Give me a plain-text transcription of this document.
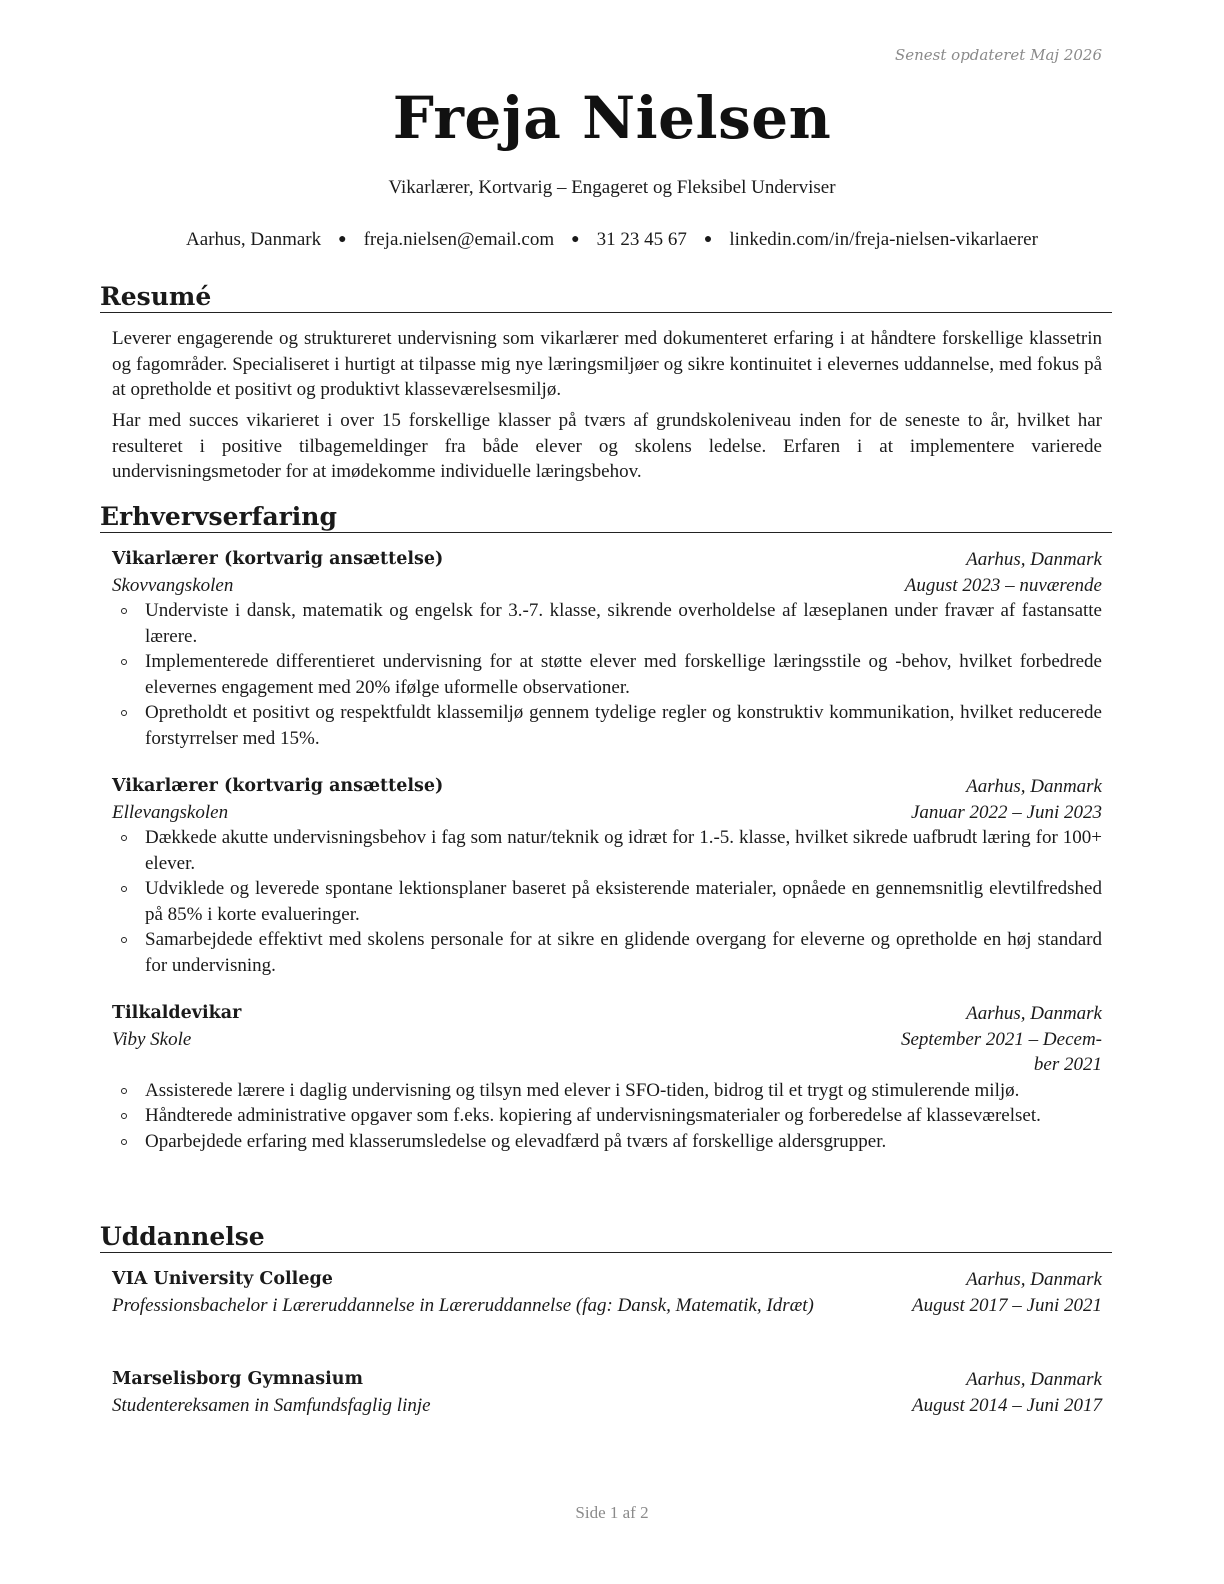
Senest opdateret Maj 2026
Freja Nielsen
Vikarlærer, Kortvarig – Engageret og Fleksibel Underviser
Aarhus, Danmark ● freja.nielsen@email.com ● 31 23 45 67 ● linkedin.com/in/freja-nielsen-vikarlaerer
Resumé

Leverer engagerende og struktureret undervisning som vikarlærer med dokumenteret erfaring i at håndtere forskellige klassetrin og fagområder. Specialiseret i hurtigt at tilpasse mig nye læringsmiljøer og sikre kontinuitet i elevernes uddannelse, med fokus på at opretholde et positivt og produktivt klasseværelsesmiljø.

Har med succes vikarieret i over 15 forskellige klasser på tværs af grundskoleniveau inden for de seneste to år, hvilket har resulteret i positive tilbagemeldinger fra både elever og skolens ledelse. Erfaren i at implementere varierede undervisningsmetoder for at imødekomme individuelle læringsbehov.

Erhvervserfaring
Vikarlærer (kortvarig ansættelse)	Aarhus, Danmark
Skovvangskolen	August 2023 – nuværende
Underviste i dansk, matematik og engelsk for 3.-7. klasse, sikrende overholdelse af læseplanen under fravær af fastansatte lærere.
Implementerede differentieret undervisning for at støtte elever med forskellige læringsstile og -behov, hvilket forbedrede elevernes engagement med 20% ifølge uformelle observationer.
Opretholdt et positivt og respektfuldt klassemiljø gennem tydelige regler og konstruktiv kommunikation, hvilket reducerede forstyrrelser med 15%.
Vikarlærer (kortvarig ansættelse)	Aarhus, Danmark
Ellevangskolen	Januar 2022 – Juni 2023
Dækkede akutte undervisningsbehov i fag som natur/teknik og idræt for 1.-5. klasse, hvilket sikrede uafbrudt læring for 100+ elever.
Udviklede og leverede spontane lektionsplaner baseret på eksisterende materialer, opnåede en gennemsnitlig elevtilfredshed på 85% i korte evalueringer.
Samarbejdede effektivt med skolens personale for at sikre en glidende overgang for eleverne og opretholde en høj standard for undervisning.
Tilkaldevikar	Aarhus, Danmark
Viby Skole	September 2021 – Decem-
ber 2021
Assisterede lærere i daglig undervisning og tilsyn med elever i SFO-tiden, bidrog til et trygt og stimulerende miljø.
Håndterede administrative opgaver som f.eks. kopiering af undervisningsmaterialer og forberedelse af klasseværelset.
Oparbejdede erfaring med klasserumsledelse og elevadfærd på tværs af forskellige aldersgrupper.
Uddannelse
VIA University College	Aarhus, Danmark
Professionsbachelor i Læreruddannelse in Læreruddannelse (fag: Dansk, Matematik, Idræt)	August 2017 – Juni 2021
Marselisborg Gymnasium	Aarhus, Danmark
Studentereksamen in Samfundsfaglig linje	August 2014 – Juni 2017
Side 1 af 2
